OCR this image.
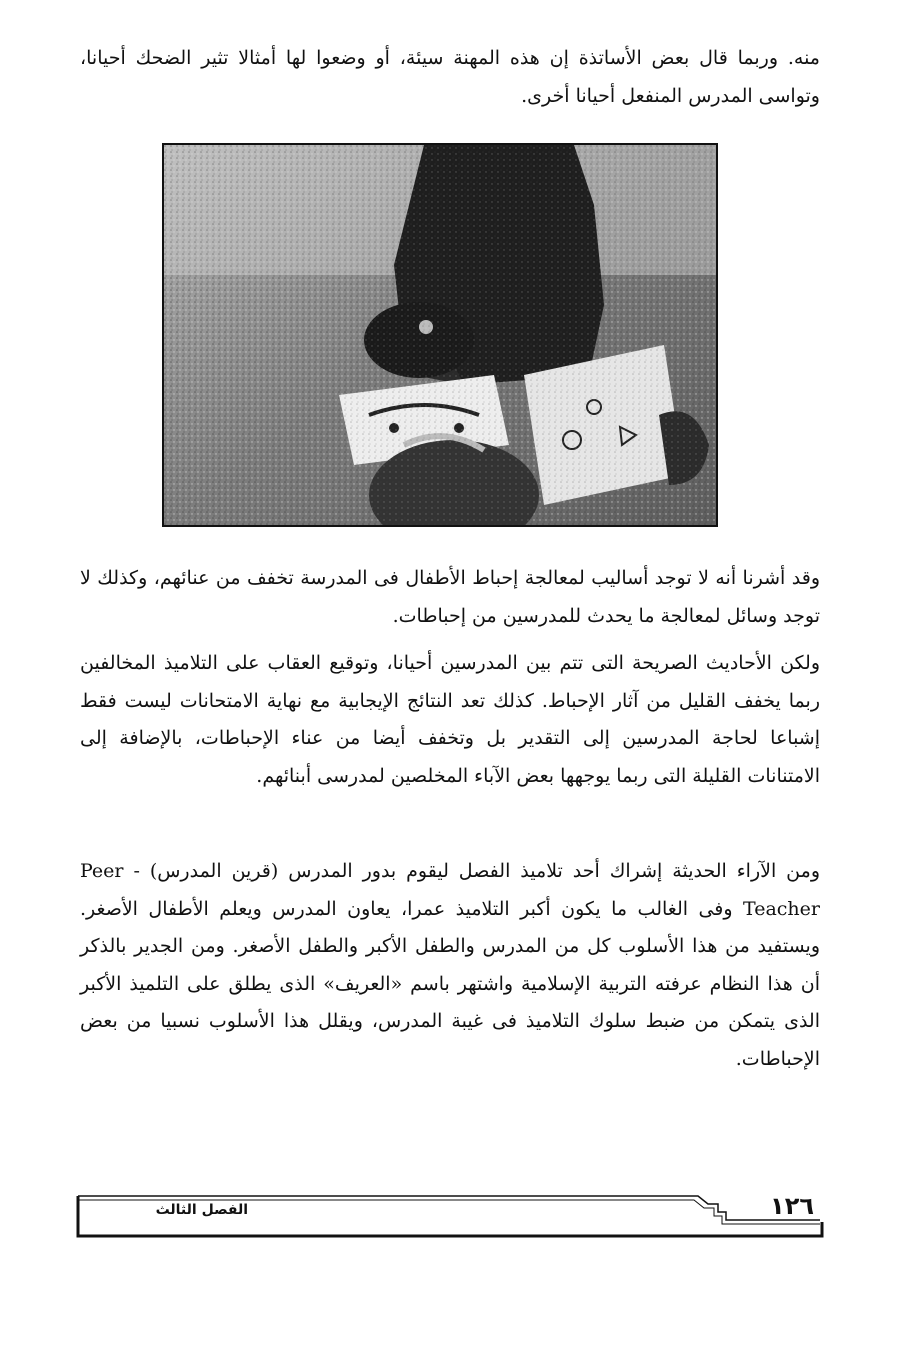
منه. وربما قال بعض الأساتذة إن هذه المهنة سيئة، أو وضعوا لها أمثالا تثير الضحك أحيانا، وتواسى المدرس المنفعل أحيانا أخرى.

وقد أشرنا أنه لا توجد أساليب لمعالجة إحباط الأطفال فى المدرسة تخفف من عنائهم، وكذلك لا توجد وسائل لمعالجة ما يحدث للمدرسين من إحباطات.

ولكن الأحاديث الصريحة التى تتم بين المدرسين أحيانا، وتوقيع العقاب على التلاميذ المخالفين ربما يخفف القليل من آثار الإحباط. كذلك تعد النتائج الإيجابية مع نهاية الامتحانات ليست فقط إشباعا لحاجة المدرسين إلى التقدير بل وتخفف أيضا من عناء الإحباطات، بالإضافة إلى الامتنانات القليلة التى ربما يوجهها بعض الآباء المخلصين لمدرسى أبنائهم.

ومن الآراء الحديثة إشراك أحد تلاميذ الفصل ليقوم بدور المدرس (قرين المدرس) Peer - Teacher وفى الغالب ما يكون أكبر التلاميذ عمرا، يعاون المدرس ويعلم الأطفال الأصغر. ويستفيد من هذا الأسلوب كل من المدرس والطفل الأكبر والطفل الأصغر. ومن الجدير بالذكر أن هذا النظام عرفته التربية الإسلامية واشتهر باسم «العريف» الذى يطلق على التلميذ الأكبر الذى يتمكن من ضبط سلوك التلاميذ فى غيبة المدرس، ويقلل هذا الأسلوب نسبيا من بعض الإحباطات.

الفصل الثالث	١٢٦
